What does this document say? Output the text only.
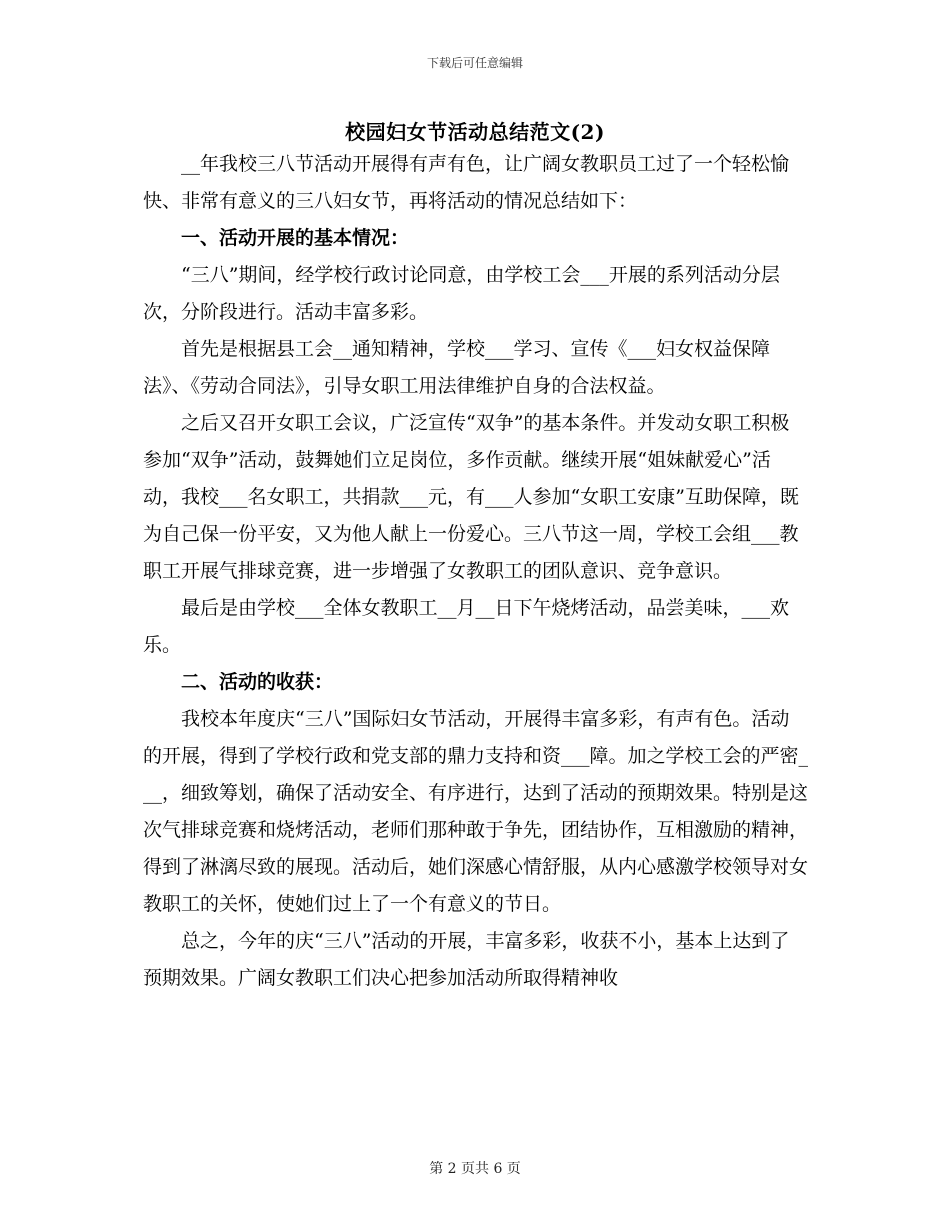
下载后可任意编辑
校园妇女节活动总结范文(2)

__年我校三八节活动开展得有声有色，让广阔女教职员工过了一个轻松愉快、非常有意义的三八妇女节，再将活动的情况总结如下：

一、活动开展的基本情况：

“三八”期间，经学校行政讨论同意，由学校工会___开展的系列活动分层次，分阶段进行。活动丰富多彩。

首先是根据县工会__通知精神，学校___学习、宣传《___妇女权益保障法》、《劳动合同法》，引导女职工用法律维护自身的合法权益。

之后又召开女职工会议，广泛宣传“双争”的基本条件。并发动女职工积极参加“双争”活动，鼓舞她们立足岗位，多作贡献。继续开展“姐妹献爱心”活动，我校___名女职工，共捐款___元，有___人参加“女职工安康”互助保障，既为自己保一份平安，又为他人献上一份爱心。三八节这一周，学校工会组___教职工开展气排球竞赛，进一步增强了女教职工的团队意识、竞争意识。

最后是由学校___全体女教职工__月__日下午烧烤活动，品尝美味，___欢乐。

二、活动的收获：

我校本年度庆“三八”国际妇女节活动，开展得丰富多彩，有声有色。活动的开展，得到了学校行政和党支部的鼎力支持和资___障。加之学校工会的严密___，细致筹划，确保了活动安全、有序进行，达到了活动的预期效果。特别是这次气排球竞赛和烧烤活动，老师们那种敢于争先，团结协作，互相激励的精神，得到了淋漓尽致的展现。活动后，她们深感心情舒服，从内心感激学校领导对女教职工的关怀，使她们过上了一个有意义的节日。

总之，今年的庆“三八”活动的开展，丰富多彩，收获不小，基本上达到了预期效果。广阔女教职工们决心把参加活动所取得精神收

第 2 页共 6 页
